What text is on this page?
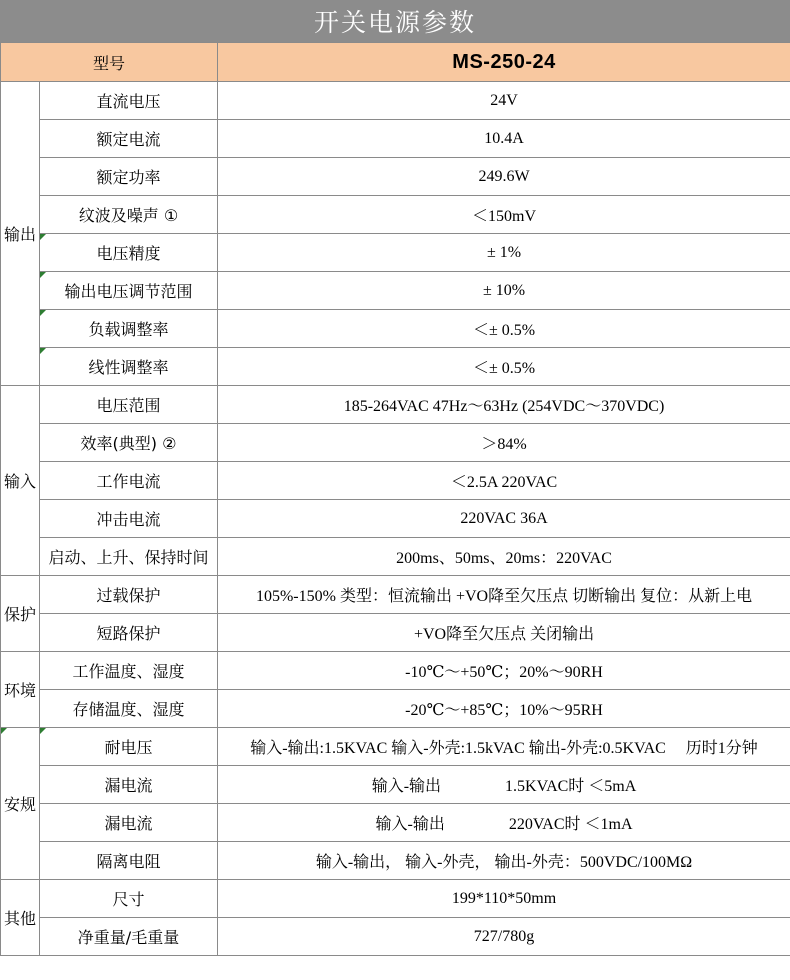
开关电源参数
型号		MS-250-24
输出	直流电压	24V
	额定电流	10.4A
	额定功率	249.6W
	纹波及噪声 ①	＜150mV
	电压精度	± 1%
	输出电压调节范围	± 10%
	负载调整率	＜± 0.5%
	线性调整率	＜± 0.5%
输入	电压范围	185-264VAC 47Hz～63Hz (254VDC～370VDC)
	效率(典型) ②	＞84%
	工作电流	＜2.5A 220VAC
	冲击电流	220VAC 36A
	启动、上升、保持时间	200ms、50ms、20ms：220VAC
保护	过载保护	105%-150% 类型：恒流输出 +VO降至欠压点 切断输出 复位：从新上电
	短路保护	+VO降至欠压点 关闭输出
环境	工作温度、湿度	-10℃～+50℃；20%～90RH
	存储温度、湿度	-20℃～+85℃；10%～95RH
安规	耐电压	输入-输出:1.5KVAC 输入-外壳:1.5kVAC 输出-外壳:0.5KVAC　 历时1分钟
	漏电流	输入-输出　　　　1.5KVAC时 ＜5mA
	漏电流	输入-输出　　　　220VAC时 ＜1mA
	隔离电阻	输入-输出， 输入-外壳， 输出-外壳：500VDC/100MΩ
其他	尺寸	199*110*50mm
	净重量/毛重量	727/780g
